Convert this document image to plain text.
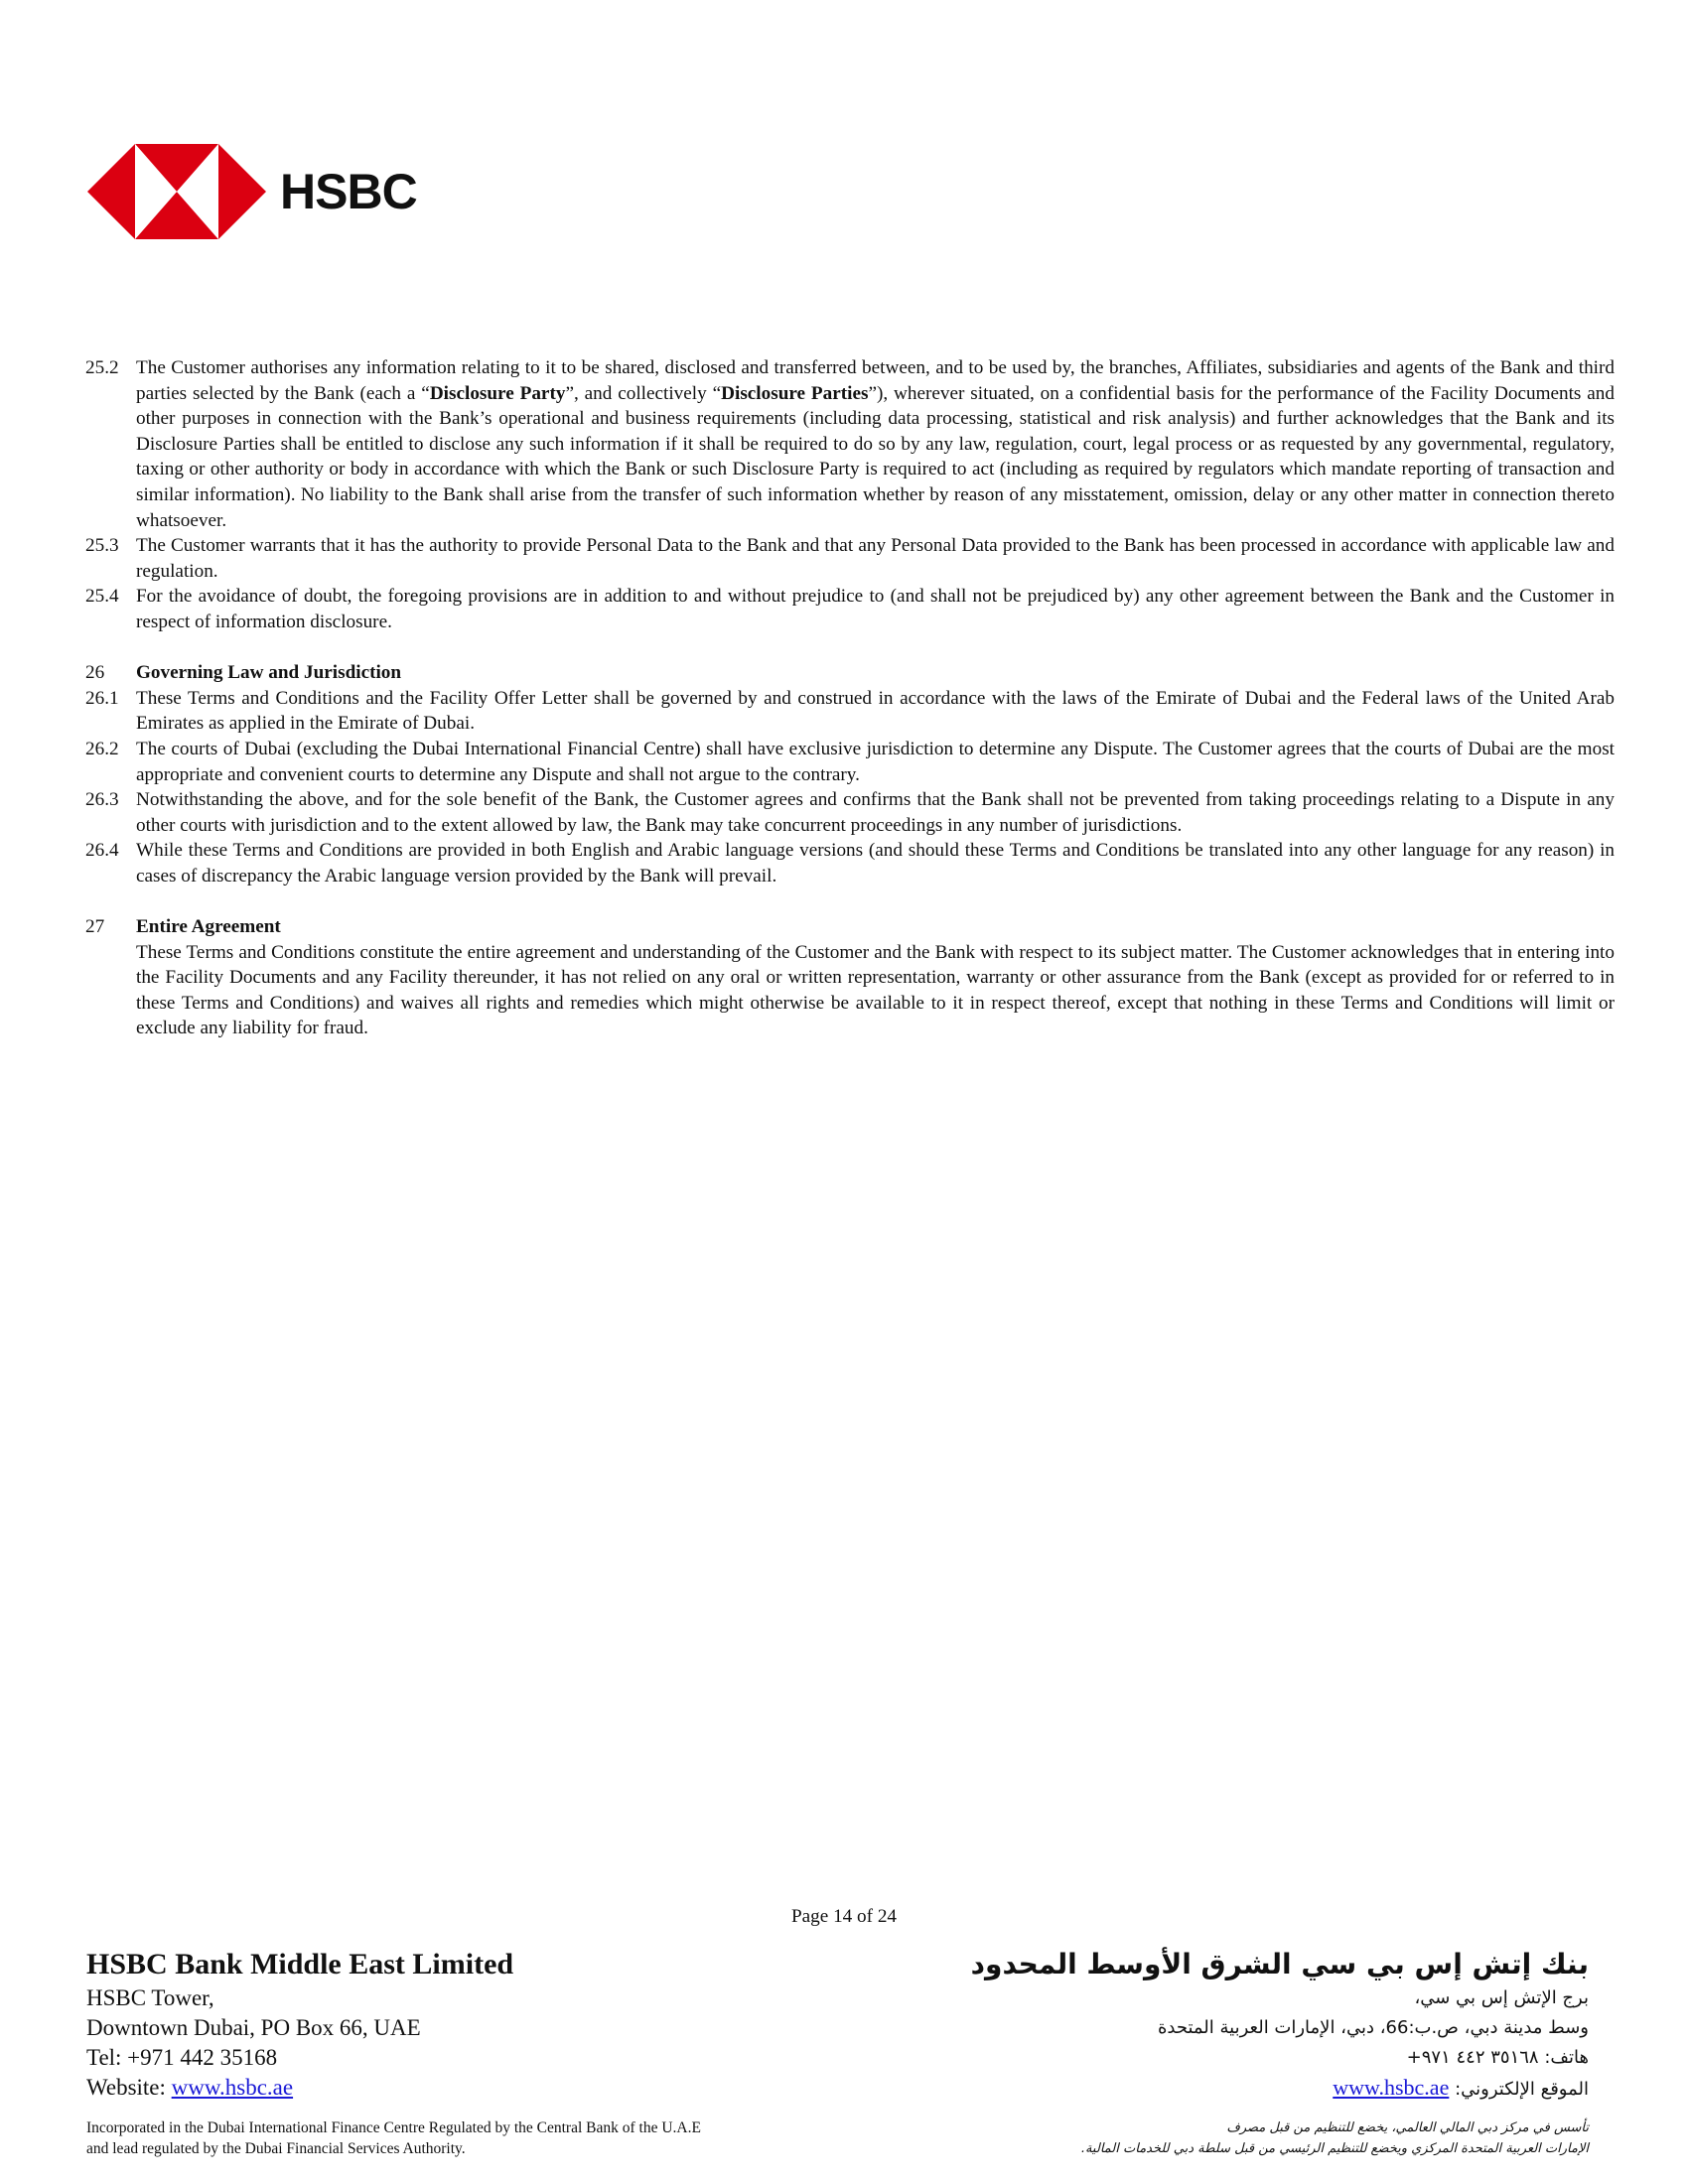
HSBC
25.2 The Customer authorises any information relating to it to be shared, disclosed and transferred between, and to be used by, the branches, Affiliates, subsidiaries and agents of the Bank and third parties selected by the Bank (each a “Disclosure Party”, and collectively “Disclosure Parties”), wherever situated, on a confidential basis for the performance of the Facility Documents and other purposes in connection with the Bank’s operational and business requirements (including data processing, statistical and risk analysis) and further acknowledges that the Bank and its Disclosure Parties shall be entitled to disclose any such information if it shall be required to do so by any law, regulation, court, legal process or as requested by any governmental, regulatory, taxing or other authority or body in accordance with which the Bank or such Disclosure Party is required to act (including as required by regulators which mandate reporting of transaction and similar information). No liability to the Bank shall arise from the transfer of such information whether by reason of any misstatement, omission, delay or any other matter in connection thereto whatsoever.
25.3 The Customer warrants that it has the authority to provide Personal Data to the Bank and that any Personal Data provided to the Bank has been processed in accordance with applicable law and regulation.
25.4 For the avoidance of doubt, the foregoing provisions are in addition to and without prejudice to (and shall not be prejudiced by) any other agreement between the Bank and the Customer in respect of information disclosure.
26	Governing Law and Jurisdiction
26.1 These Terms and Conditions and the Facility Offer Letter shall be governed by and construed in accordance with the laws of the Emirate of Dubai and the Federal laws of the United Arab Emirates as applied in the Emirate of Dubai.
26.2 The courts of Dubai (excluding the Dubai International Financial Centre) shall have exclusive jurisdiction to determine any Dispute. The Customer agrees that the courts of Dubai are the most appropriate and convenient courts to determine any Dispute and shall not argue to the contrary.
26.3 Notwithstanding the above, and for the sole benefit of the Bank, the Customer agrees and confirms that the Bank shall not be prevented from taking proceedings relating to a Dispute in any other courts with jurisdiction and to the extent allowed by law, the Bank may take concurrent proceedings in any number of jurisdictions.
26.4 While these Terms and Conditions are provided in both English and Arabic language versions (and should these Terms and Conditions be translated into any other language for any reason) in cases of discrepancy the Arabic language version provided by the Bank will prevail.
27	Entire Agreement
These Terms and Conditions constitute the entire agreement and understanding of the Customer and the Bank with respect to its subject matter. The Customer acknowledges that in entering into the Facility Documents and any Facility thereunder, it has not relied on any oral or written representation, warranty or other assurance from the Bank (except as provided for or referred to in these Terms and Conditions) and waives all rights and remedies which might otherwise be available to it in respect thereof, except that nothing in these Terms and Conditions will limit or exclude any liability for fraud.
Page 14 of 24
HSBC Bank Middle East Limited
HSBC Tower,
Downtown Dubai, PO Box 66, UAE
Tel: +971 442 35168
Website: www.hsbc.ae
بنك إتش إس بي سي الشرق الأوسط المحدود
برج الإتش إس بي سي،
وسط مدينة دبي، ص.ب:66، دبي، الإمارات العربية المتحدة
هاتف: ٣٥١٦٨ ٤٤٢ ٩٧١+
الموقع الإلكتروني: www.hsbc.ae
Incorporated in the Dubai International Finance Centre Regulated by the Central Bank of the U.A.E
and lead regulated by the Dubai Financial Services Authority.
تأسس في مركز دبي المالي العالمي، يخضع للتنظيم من قبل مصرف
الإمارات العربية المتحدة المركزي ويخضع للتنظيم الرئيسي من قبل سلطة دبي للخدمات المالية.
